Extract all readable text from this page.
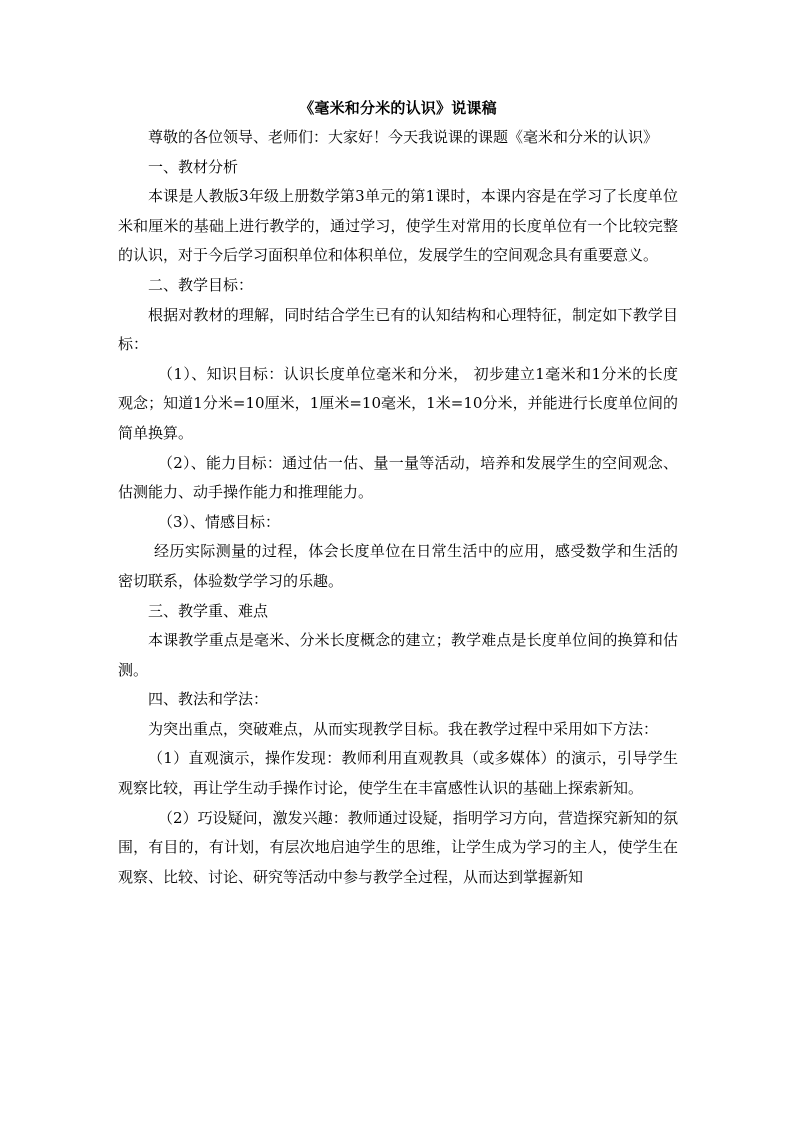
《毫米和分米的认识》说课稿

尊敬的各位领导、老师们：大家好！今天我说课的课题《毫米和分米的认识》

一、教材分析

本课是人教版3年级上册数学第3单元的第1课时，本课内容是在学习了长度单位米和厘米的基础上进行教学的，通过学习，使学生对常用的长度单位有一个比较完整的认识，对于今后学习面积单位和体积单位，发展学生的空间观念具有重要意义。

二、教学目标：

根据对教材的理解，同时结合学生已有的认知结构和心理特征，制定如下教学目标：

（1）、知识目标：认识长度单位毫米和分米， 初步建立1毫米和1分米的长度观念；知道1分米=10厘米，1厘米=10毫米，1米=10分米，并能进行长度单位间的简单换算。

（2）、能力目标：通过估一估、量一量等活动，培养和发展学生的空间观念、估测能力、动手操作能力和推理能力。

（3）、情感目标：

经历实际测量的过程，体会长度单位在日常生活中的应用，感受数学和生活的密切联系，体验数学学习的乐趣。

三、教学重、难点

本课教学重点是毫米、分米长度概念的建立；教学难点是长度单位间的换算和估测。

四、教法和学法：

为突出重点，突破难点，从而实现教学目标。我在教学过程中采用如下方法：

（1）直观演示，操作发现：教师利用直观教具（或多媒体）的演示，引导学生观察比较，再让学生动手操作讨论，使学生在丰富感性认识的基础上探索新知。

（2）巧设疑问，激发兴趣：教师通过设疑，指明学习方向，营造探究新知的氛围，有目的，有计划，有层次地启迪学生的思维，让学生成为学习的主人，使学生在观察、比较、讨论、研究等活动中参与教学全过程，从而达到掌握新知
